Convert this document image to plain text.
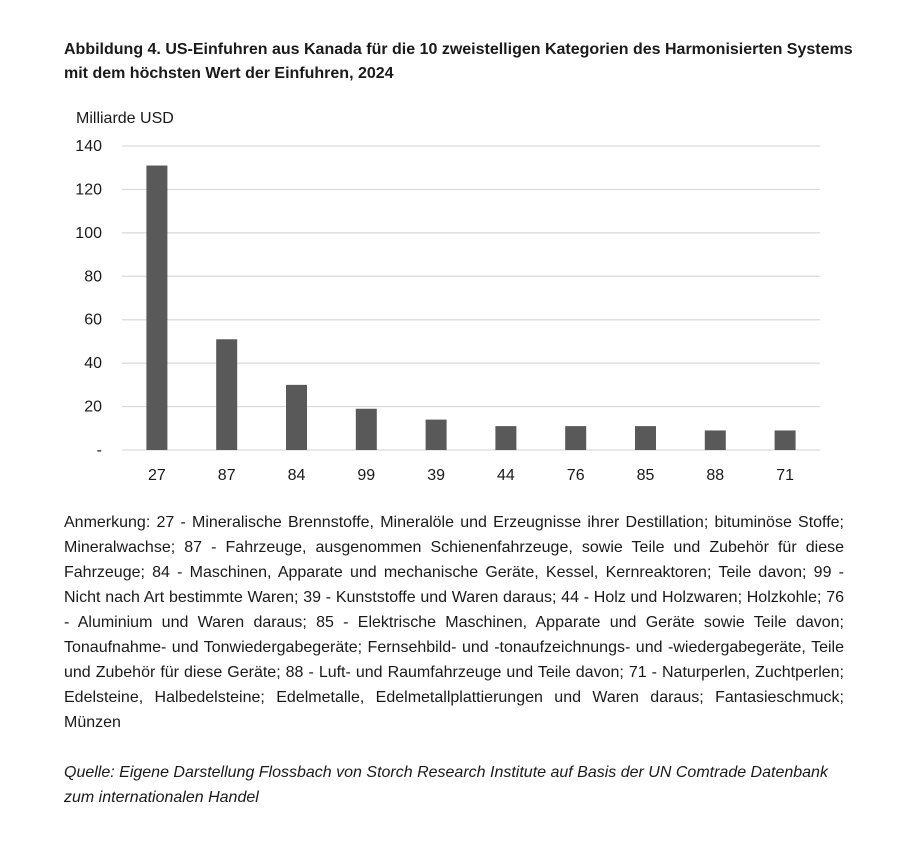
Abbildung 4. US-Einfuhren aus Kanada für die 10 zweistelligen Kategorien des Harmonisierten Systems mit dem höchsten Wert der Einfuhren, 2024

Milliarde USD
-
20
40
60
80
100
120
140
27	87	84	99	39	44	76	85	88	71

Anmerkung: 27 - Mineralische Brennstoffe, Mineralöle und Erzeugnisse ihrer Destillation; bituminöse Stoffe; Mineralwachse; 87 - Fahrzeuge, ausgenommen Schienenfahrzeuge, sowie Teile und Zubehör für diese Fahrzeuge; 84 - Maschinen, Apparate und mechanische Geräte, Kessel, Kernreaktoren; Teile davon; 99 - Nicht nach Art bestimmte Waren; 39 - Kunststoffe und Waren daraus; 44 - Holz und Holzwaren; Holzkohle; 76 - Aluminium und Waren daraus; 85 - Elektrische Maschinen, Apparate und Geräte sowie Teile davon; Tonaufnahme- und Tonwiedergabegeräte; Fernsehbild- und -tonaufzeichnungs- und -wiedergabegeräte, Teile und Zubehör für diese Geräte; 88 - Luft- und Raumfahrzeuge und Teile davon; 71 - Naturperlen, Zuchtperlen; Edelsteine, Halbedelsteine; Edelmetalle, Edelmetallplattierungen und Waren daraus; Fantasieschmuck; Münzen

Quelle: Eigene Darstellung Flossbach von Storch Research Institute auf Basis der UN Comtrade Datenbank zum internationalen Handel
